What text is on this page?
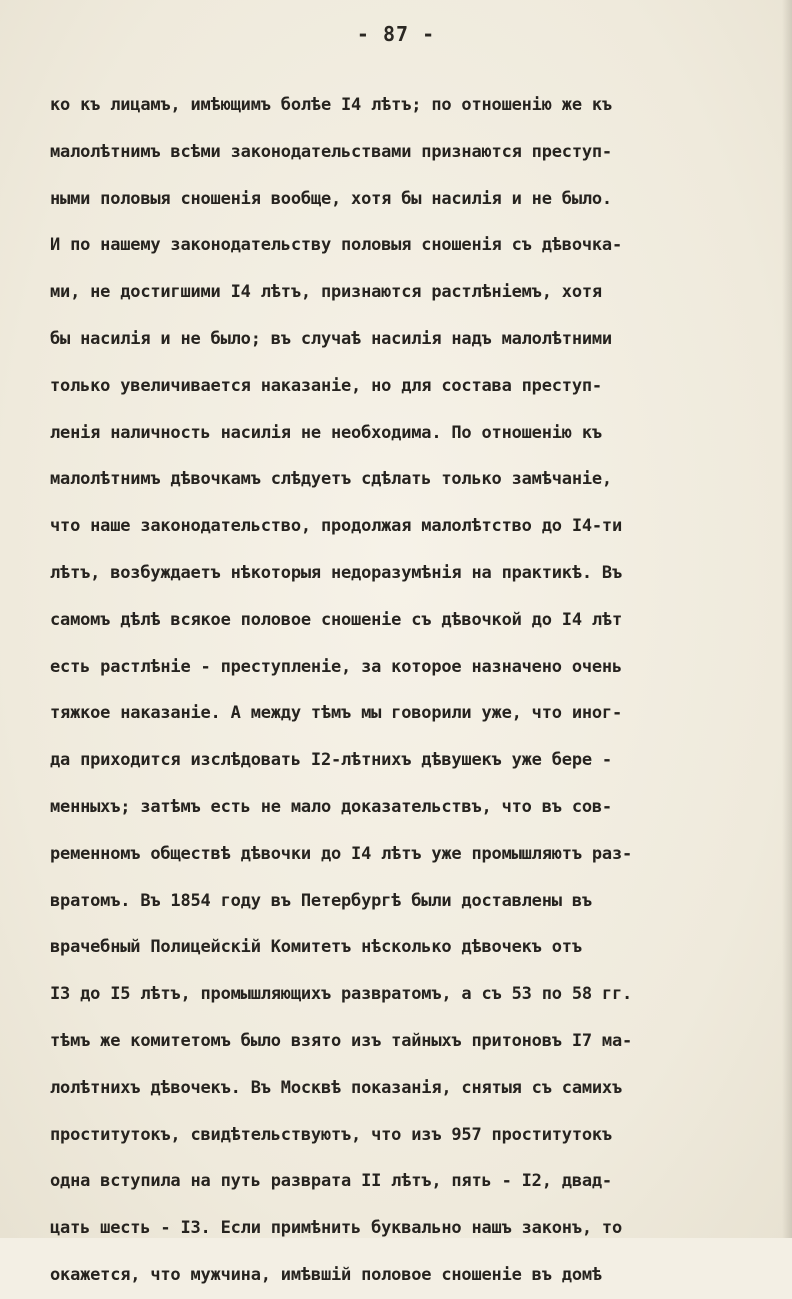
- 87 -
ко къ лицамъ, имѣющимъ болѣе I4 лѣтъ; по отношенію же къ
малолѣтнимъ всѣми законодательствами признаются преступ-
ными половыя сношенія вообще, хотя бы насилія и не было.
И по нашему законодательству половыя сношенія съ дѣвочка-
ми, не достигшими I4 лѣтъ, признаются растлѣніемъ, хотя
бы насилія и не было; въ случаѣ насилія надъ малолѣтними
только увеличивается наказаніе, но для состава преступ-
ленія наличность насилія не необходима. По отношенію къ
малолѣтнимъ дѣвочкамъ слѣдуетъ сдѣлать только замѣчаніе,
что наше законодательство, продолжая малолѣтство до I4-ти
лѣтъ, возбуждаетъ нѣкоторыя недоразумѣнія на практикѣ. Въ
самомъ дѣлѣ всякое половое сношеніе съ дѣвочкой до I4 лѣт
есть растлѣніе - преступленіе, за которое назначено очень
тяжкое наказаніе. А между тѣмъ мы говорили уже, что иног-
да приходится изслѣдовать I2-лѣтнихъ дѣвушекъ уже бере -
менныхъ; затѣмъ есть не мало доказательствъ, что въ сов-
ременномъ обществѣ дѣвочки до I4 лѣтъ уже промышляютъ раз-
вратомъ. Въ 1854 году въ Петербургѣ были доставлены въ
врачебный Полицейскій Комитетъ нѣсколько дѣвочекъ отъ
I3 до I5 лѣтъ, промышляющихъ развратомъ, а съ 53 по 58 гг.
тѣмъ же комитетомъ было взято изъ тайныхъ притоновъ I7 ма-
лолѣтнихъ дѣвочекъ. Въ Москвѣ показанія, снятыя съ самихъ
проститутокъ, свидѣтельствуютъ, что изъ 957 проститутокъ
одна вступила на путь разврата II лѣтъ, пять - I2, двад-
цать шесть - I3. Если примѣнить буквально нашъ законъ, то
окажется, что мужчина, имѣвшій половое сношеніе въ домѣ
